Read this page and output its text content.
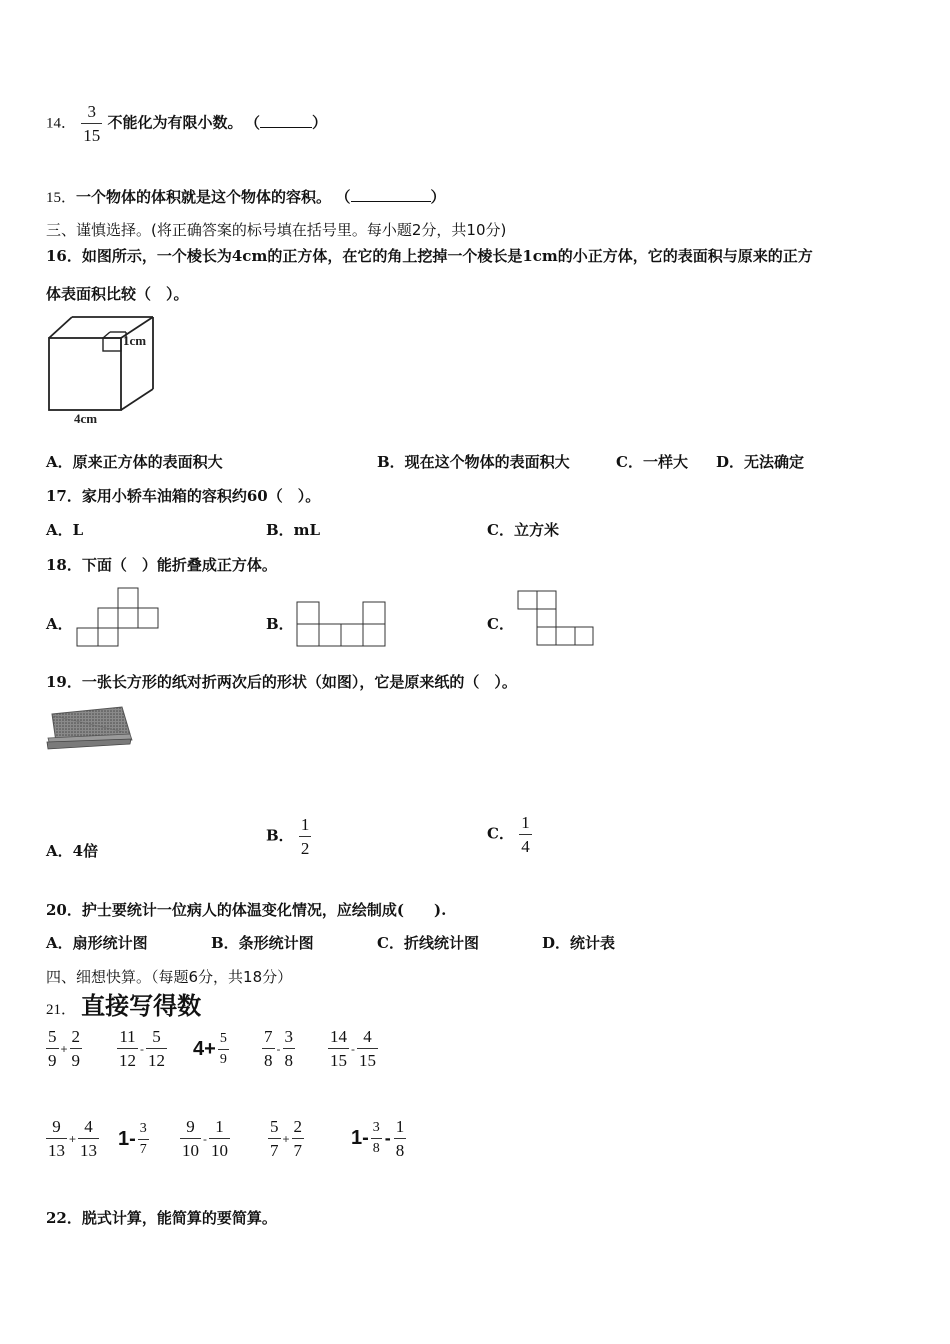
14． $\frac{3}{15}$ 不能化为有限小数。 （	）
15．一个物体的体积就是这个物体的容积。 （	）
三、谨慎选择。(将正确答案的标号填在括号里。每小题2分，共10分)
16．如图所示，一个棱长为4cm的正方体，在它的角上挖掉一个棱长是1cm的小正方体，它的表面积与原来的正方
体表面积比较（　）。
1cm
4cm
A．原来正方体的表面积大	B．现在这个物体的表面积大	C．一样大 D．无法确定
17．家用小轿车油箱的容积约60（　）。
A．L	B．mL	C．立方米
18．下面（　）能折叠成正方体。
A．	B．	C．
19．一张长方形的纸对折两次后的形状（如图），它是原来纸的（　）。
A．4倍
B． $\frac{1}{2}$	C． $\frac{1}{4}$
20．护士要统计一位病人的体温变化情况，应绘制成(　　).
A．扇形统计图	B．条形统计图	C．折线统计图	D．统计表
四、细想快算。（每题6分，共18分）
21． 直接写得数
$\frac{5}{9} + \frac{2}{9} \frac{11}{12} - \frac{5}{12} 4+ \frac{5}{9} \frac{7}{8} - \frac{3}{8} \frac{14}{15} - \frac{4}{15}$
$\frac{9}{13} + \frac{4}{13} 1- \frac{3}{7} \frac{9}{10} - \frac{1}{10} \frac{5}{7} + \frac{2}{7} 1- \frac{3}{8} - \frac{1}{8}$
22．脱式计算，能简算的要简算。
